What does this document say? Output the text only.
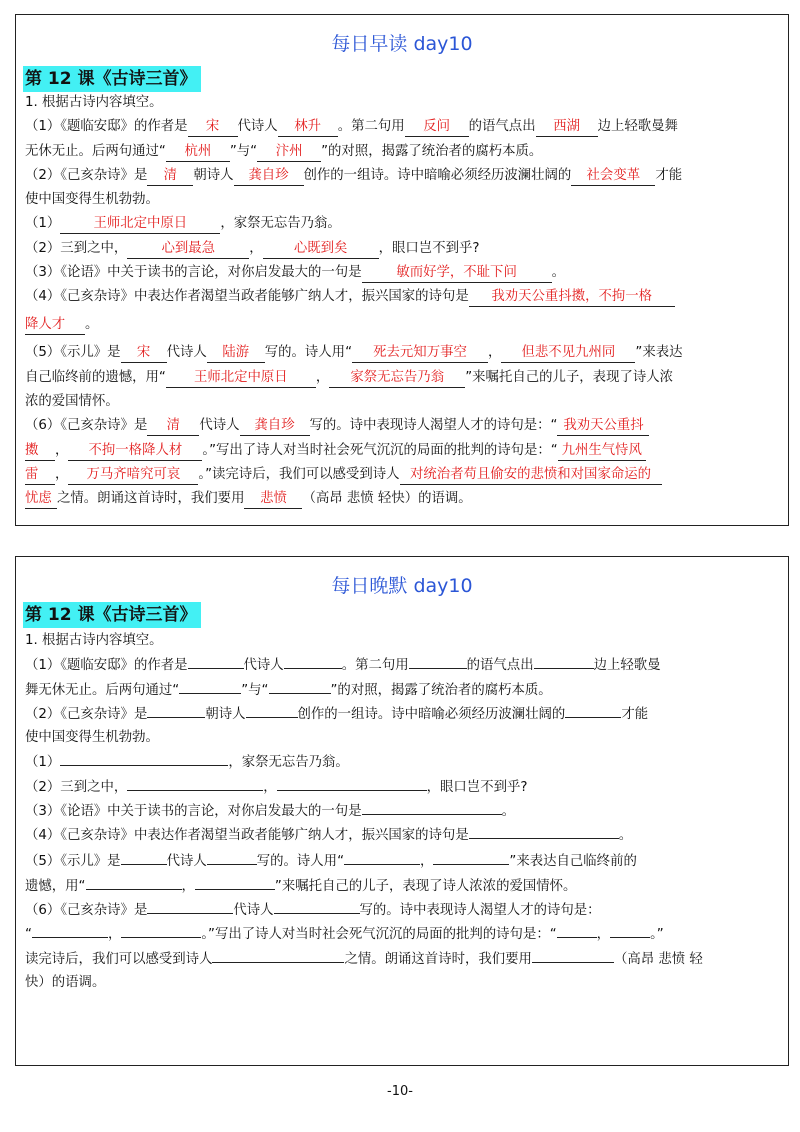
每日早读 day10
第 12 课《古诗三首》
1. 根据古诗内容填空。
（1）《题临安邸》的作者是 宋 代诗人 林升 。第二句用 反问 的语气点出 西湖 边上轻歌曼舞
无休无止。后两句通过“ 杭州 ”与“ 汴州 ”的对照，揭露了统治者的腐朽本质。
（2）《己亥杂诗》是 清 朝诗人 龚自珍 创作的一组诗。诗中暗喻必须经历波澜壮阔的 社会变革 才能
使中国变得生机勃勃。
（1） 王师北定中原日 ，家祭无忘告乃翁。
（2）三到之中，	心到最急	， 心既到矣 ，眼口岂不到乎?
（3）《论语》中关于读书的言论，对你启发最大的一句是	敏而好学，不耻下问	。
（4）《己亥杂诗》中表达作者渴望当政者能够广纳人才，振兴国家的诗句是 我劝天公重抖擞，不拘一格
降人才 。
（5）《示儿》是 宋 代诗人 陆游 写的。诗人用“ 死去元知万事空 ， 但悲不见九州同 ”来表达
自己临终前的遗憾，用“ 王师北定中原日 ， 家祭无忘告乃翁 ”来嘱托自己的儿子，表现了诗人浓
浓的爱国情怀。
（6）《己亥杂诗》是 清 代诗人 龚自珍 写的。诗中表现诗人渴望人才的诗句是：“ 我劝天公重抖
擞 ， 不拘一格降人材 。”写出了诗人对当时社会死气沉沉的局面的批判的诗句是：“ 九州生气恃风
雷 ， 万马齐喑究可哀 。”读完诗后，我们可以感受到诗人 对统治者苟且偷安的悲愤和对国家命运的
忧虑 之情。朗诵这首诗时，我们要用 悲愤 （高昂 悲愤 轻快）的语调。
每日晚默 day10
第 12 课《古诗三首》
1. 根据古诗内容填空。
（1）《题临安邸》的作者是	代诗人	。第二句用	的语气点出	边上轻歌曼
舞无休无止。后两句通过“	”与“	”的对照，揭露了统治者的腐朽本质。
（2）《己亥杂诗》是	朝诗人	创作的一组诗。诗中暗喻必须经历波澜壮阔的	才能
使中国变得生机勃勃。
（1）	，家祭无忘告乃翁。
（2）三到之中，	，	，眼口岂不到乎?
（3）《论语》中关于读书的言论，对你启发最大的一句是	。
（4）《己亥杂诗》中表达作者渴望当政者能够广纳人才，振兴国家的诗句是	。
（5）《示儿》是	代诗人	写的。诗人用“	，	”来表达自己临终前的
遗憾，用“	，	”来嘱托自己的儿子，表现了诗人浓浓的爱国情怀。
（6）《己亥杂诗》是	代诗人	写的。诗中表现诗人渴望人才的诗句是：
“	，	。”写出了诗人对当时社会死气沉沉的局面的批判的诗句是：“	，	。”
读完诗后，我们可以感受到诗人	之情。朗诵这首诗时，我们要用	（高昂 悲愤 轻
快）的语调。
-10-
